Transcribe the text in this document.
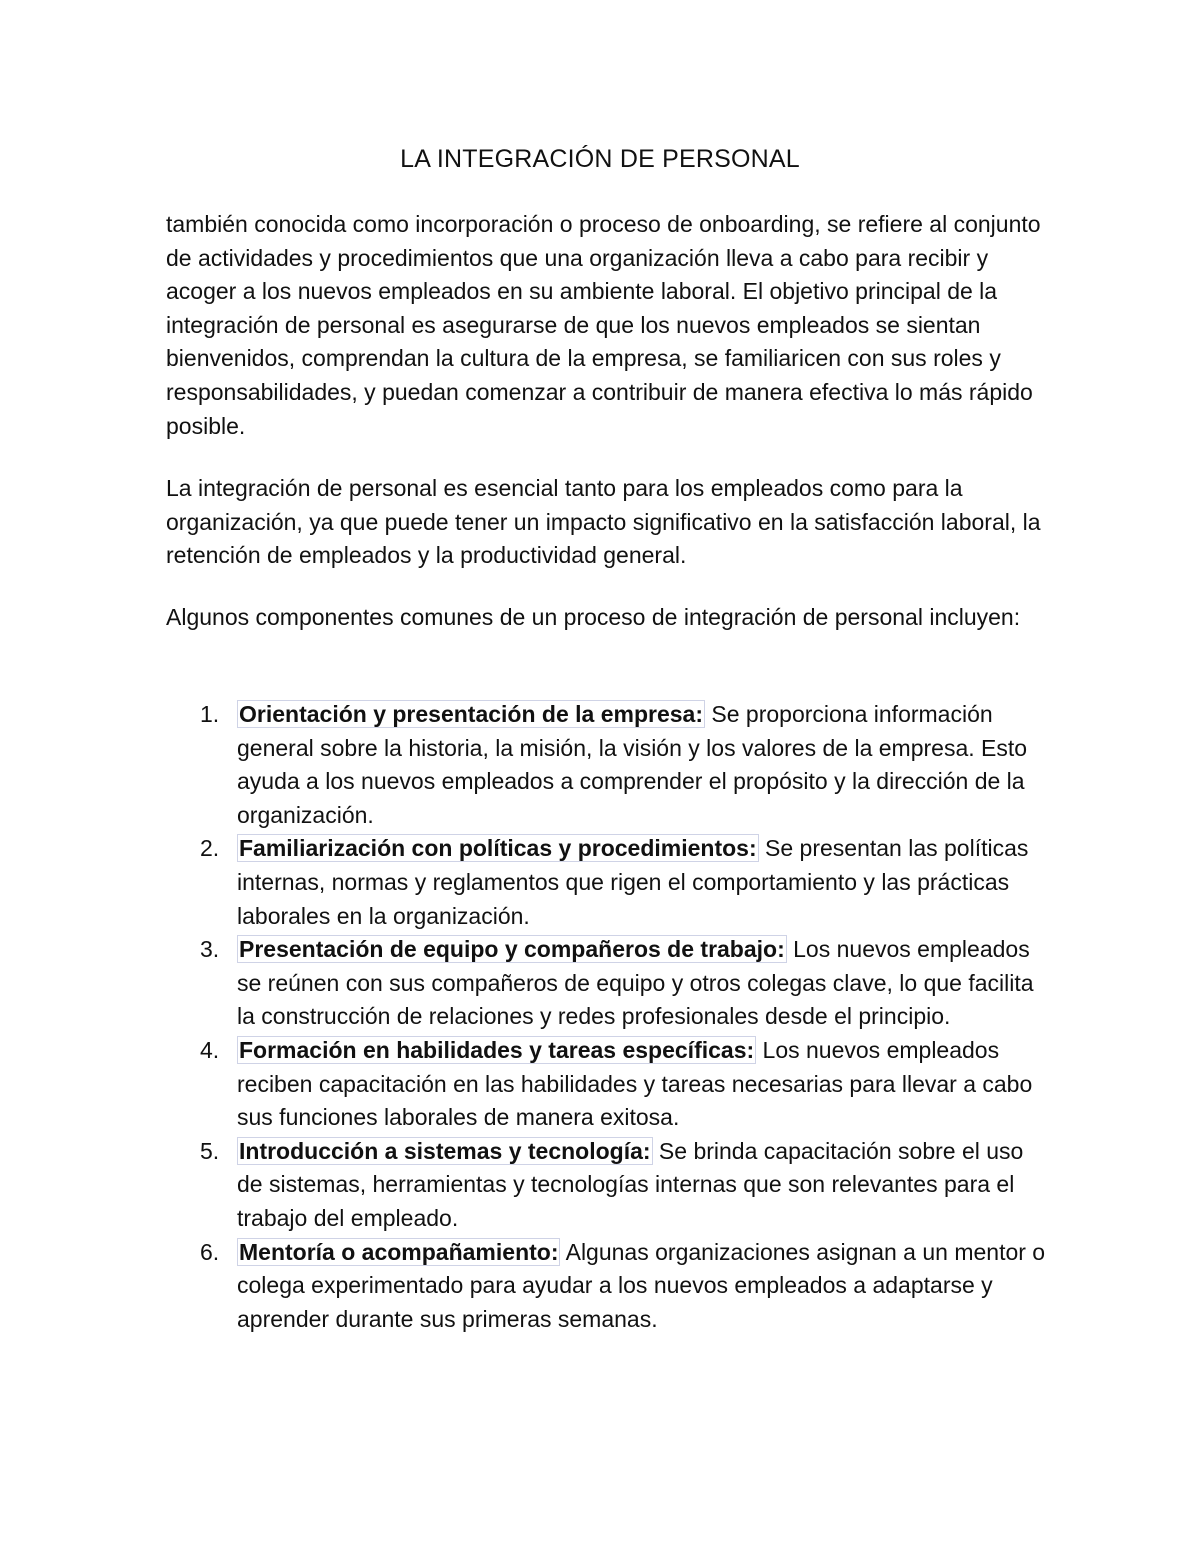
LA INTEGRACIÓN DE PERSONAL

también conocida como incorporación o proceso de onboarding, se refiere al conjunto de actividades y procedimientos que una organización lleva a cabo para recibir y acoger a los nuevos empleados en su ambiente laboral. El objetivo principal de la integración de personal es asegurarse de que los nuevos empleados se sientan bienvenidos, comprendan la cultura de la empresa, se familiaricen con sus roles y responsabilidades, y puedan comenzar a contribuir de manera efectiva lo más rápido posible.

La integración de personal es esencial tanto para los empleados como para la organización, ya que puede tener un impacto significativo en la satisfacción laboral, la retención de empleados y la productividad general.

Algunos componentes comunes de un proceso de integración de personal incluyen:

1. Orientación y presentación de la empresa: Se proporciona información general sobre la historia, la misión, la visión y los valores de la empresa. Esto ayuda a los nuevos empleados a comprender el propósito y la dirección de la organización.
2. Familiarización con políticas y procedimientos: Se presentan las políticas internas, normas y reglamentos que rigen el comportamiento y las prácticas laborales en la organización.
3. Presentación de equipo y compañeros de trabajo: Los nuevos empleados se reúnen con sus compañeros de equipo y otros colegas clave, lo que facilita la construcción de relaciones y redes profesionales desde el principio.
4. Formación en habilidades y tareas específicas: Los nuevos empleados reciben capacitación en las habilidades y tareas necesarias para llevar a cabo sus funciones laborales de manera exitosa.
5. Introducción a sistemas y tecnología: Se brinda capacitación sobre el uso de sistemas, herramientas y tecnologías internas que son relevantes para el trabajo del empleado.
6. Mentoría o acompañamiento: Algunas organizaciones asignan a un mentor o colega experimentado para ayudar a los nuevos empleados a adaptarse y aprender durante sus primeras semanas.
